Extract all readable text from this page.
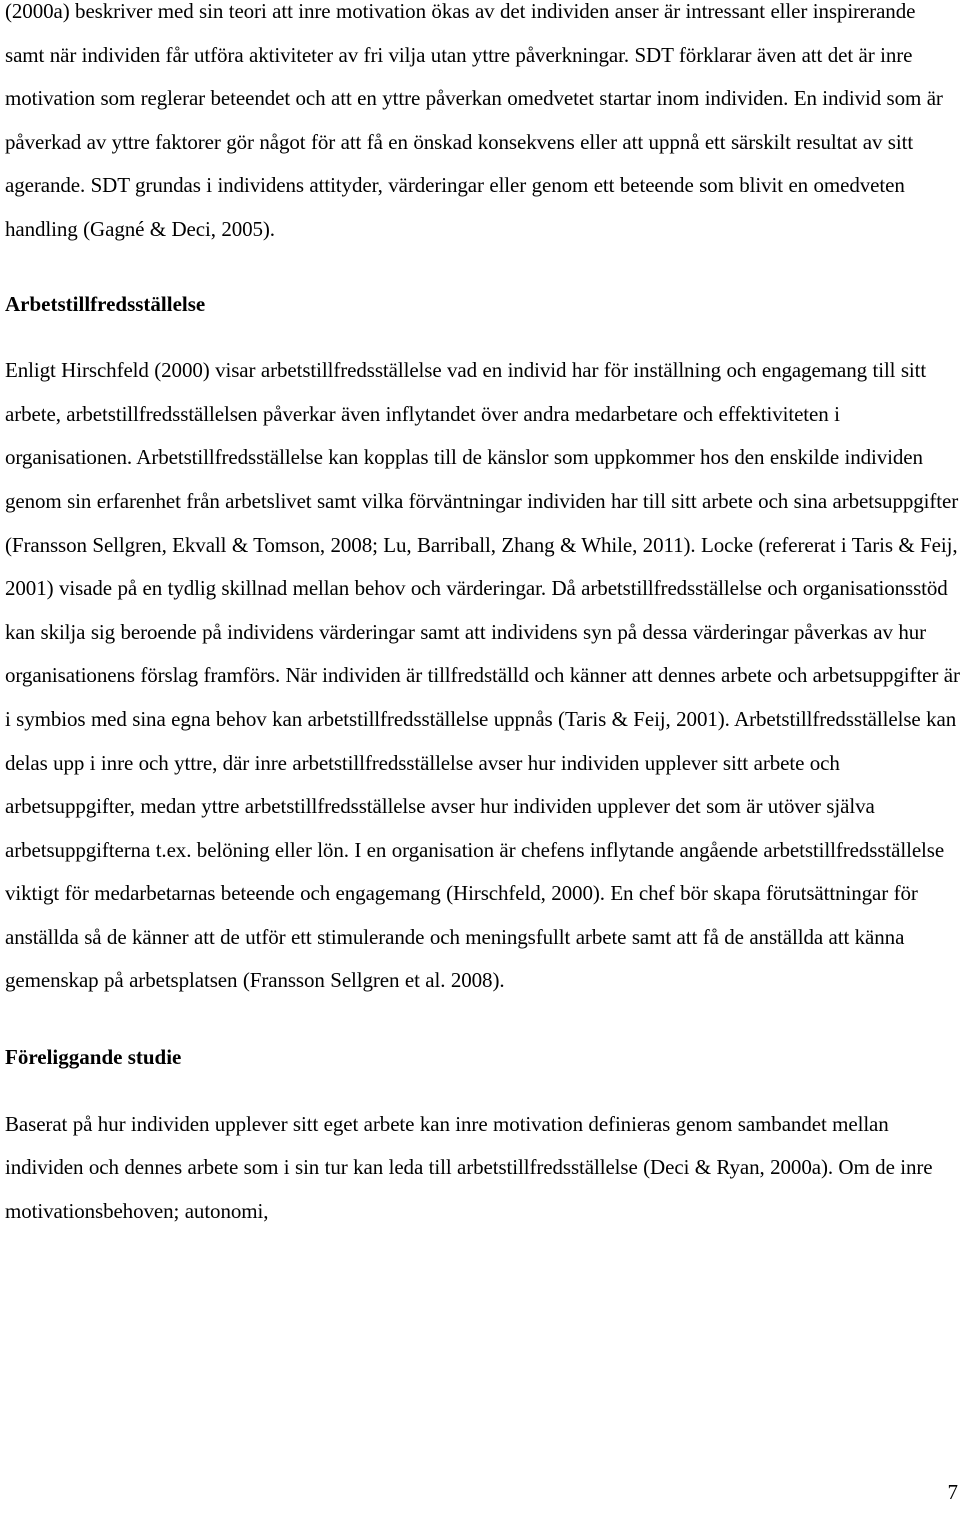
(2000a) beskriver med sin teori att inre motivation ökas av det individen anser är intressant eller inspirerande samt när individen får utföra aktiviteter av fri vilja utan yttre påverkningar. SDT förklarar även att det är inre motivation som reglerar beteendet och att en yttre påverkan omedvetet startar inom individen. En individ som är påverkad av yttre faktorer gör något för att få en önskad konsekvens eller att uppnå ett särskilt resultat av sitt agerande. SDT grundas i individens attityder, värderingar eller genom ett beteende som blivit en omedveten handling (Gagné & Deci, 2005).

Arbetstillfredsställelse

Enligt Hirschfeld (2000) visar arbetstillfredsställelse vad en individ har för inställning och engagemang till sitt arbete, arbetstillfredsställelsen påverkar även inflytandet över andra medarbetare och effektiviteten i organisationen. Arbetstillfredsställelse kan kopplas till de känslor som uppkommer hos den enskilde individen genom sin erfarenhet från arbetslivet samt vilka förväntningar individen har till sitt arbete och sina arbetsuppgifter (Fransson Sellgren, Ekvall & Tomson, 2008; Lu, Barriball, Zhang & While, 2011). Locke (refererat i Taris & Feij, 2001) visade på en tydlig skillnad mellan behov och värderingar. Då arbetstillfredsställelse och organisationsstöd kan skilja sig beroende på individens värderingar samt att individens syn på dessa värderingar påverkas av hur organisationens förslag framförs. När individen är tillfredställd och känner att dennes arbete och arbetsuppgifter är i symbios med sina egna behov kan arbetstillfredsställelse uppnås (Taris & Feij, 2001). Arbetstillfredsställelse kan delas upp i inre och yttre, där inre arbetstillfredsställelse avser hur individen upplever sitt arbete och arbetsuppgifter, medan yttre arbetstillfredsställelse avser hur individen upplever det som är utöver själva arbetsuppgifterna t.ex. belöning eller lön. I en organisation är chefens inflytande angående arbetstillfredsställelse viktigt för medarbetarnas beteende och engagemang (Hirschfeld, 2000). En chef bör skapa förutsättningar för anställda så de känner att de utför ett stimulerande och meningsfullt arbete samt att få de anställda att känna gemenskap på arbetsplatsen (Fransson Sellgren et al. 2008).

Föreliggande studie

Baserat på hur individen upplever sitt eget arbete kan inre motivation definieras genom sambandet mellan individen och dennes arbete som i sin tur kan leda till arbetstillfredsställelse (Deci & Ryan, 2000a). Om de inre motivationsbehoven; autonomi,

7
